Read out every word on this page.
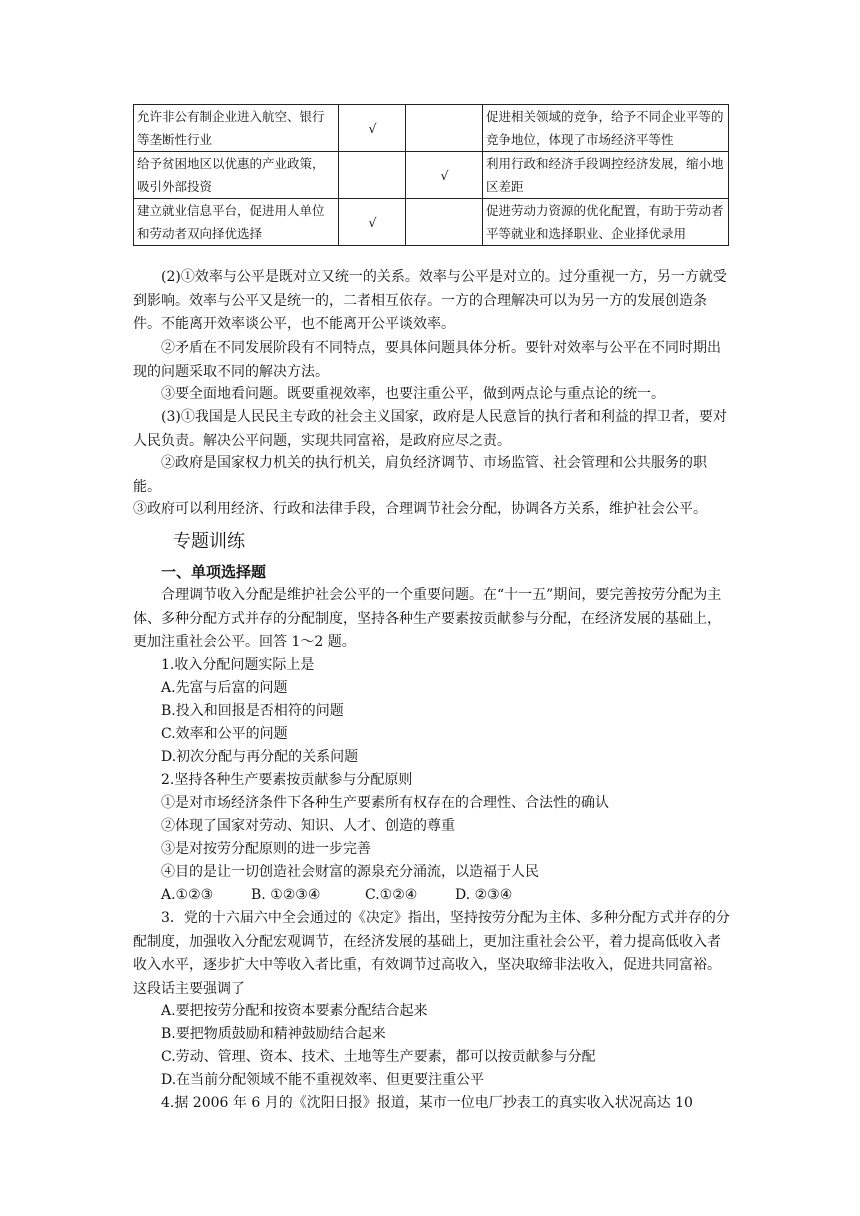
允许非公有制企业进入航空、银行等垄断性行业	√		促进相关领域的竞争，给予不同企业平等的竞争地位，体现了市场经济平等性
给予贫困地区以优惠的产业政策，吸引外部投资		√	利用行政和经济手段调控经济发展，缩小地区差距
建立就业信息平台，促进用人单位和劳动者双向择优选择	√		促进劳动力资源的优化配置，有助于劳动者平等就业和选择职业、企业择优录用

(2)①效率与公平是既对立又统一的关系。效率与公平是对立的。过分重视一方，另一方就受到影响。效率与公平又是统一的，二者相互依存。一方的合理解决可以为另一方的发展创造条件。不能离开效率谈公平，也不能离开公平谈效率。

②矛盾在不同发展阶段有不同特点，要具体问题具体分析。要针对效率与公平在不同时期出现的问题采取不同的解决方法。

③要全面地看问题。既要重视效率，也要注重公平，做到两点论与重点论的统一。

(3)①我国是人民民主专政的社会主义国家，政府是人民意旨的执行者和利益的捍卫者，要对人民负责。解决公平问题，实现共同富裕，是政府应尽之责。

②政府是国家权力机关的执行机关，肩负经济调节、市场监管、社会管理和公共服务的职能。

③政府可以利用经济、行政和法律手段，合理调节社会分配，协调各方关系，维护社会公平。

专题训练
一、单项选择题

合理调节收入分配是维护社会公平的一个重要问题。在“十一五”期间，要完善按劳分配为主体、多种分配方式并存的分配制度，坚持各种生产要素按贡献参与分配，在经济发展的基础上，更加注重社会公平。回答 1～2 题。

1.收入分配问题实际上是

A.先富与后富的问题

B.投入和回报是否相符的问题

C.效率和公平的问题

D.初次分配与再分配的关系问题

2.坚持各种生产要素按贡献参与分配原则

①是对市场经济条件下各种生产要素所有权存在的合理性、合法性的确认

②体现了国家对劳动、知识、人才、创造的尊重

③是对按劳分配原则的进一步完善

④目的是让一切创造社会财富的源泉充分涌流，以造福于人民

A.①②③	B. ①②③④	C.①②④	D. ②③④

3．党的十六届六中全会通过的《决定》指出，坚持按劳分配为主体、多种分配方式并存的分配制度，加强收入分配宏观调节，在经济发展的基础上，更加注重社会公平，着力提高低收入者收入水平，逐步扩大中等收入者比重，有效调节过高收入，坚决取缔非法收入，促进共同富裕。这段话主要强调了

A.要把按劳分配和按资本要素分配结合起来

B.要把物质鼓励和精神鼓励结合起来

C.劳动、管理、资本、技术、土地等生产要素，都可以按贡献参与分配

D.在当前分配领域不能不重视效率、但更要注重公平

4.据 2006 年 6 月的《沈阳日报》报道，某市一位电厂抄表工的真实收入状况高达 10
